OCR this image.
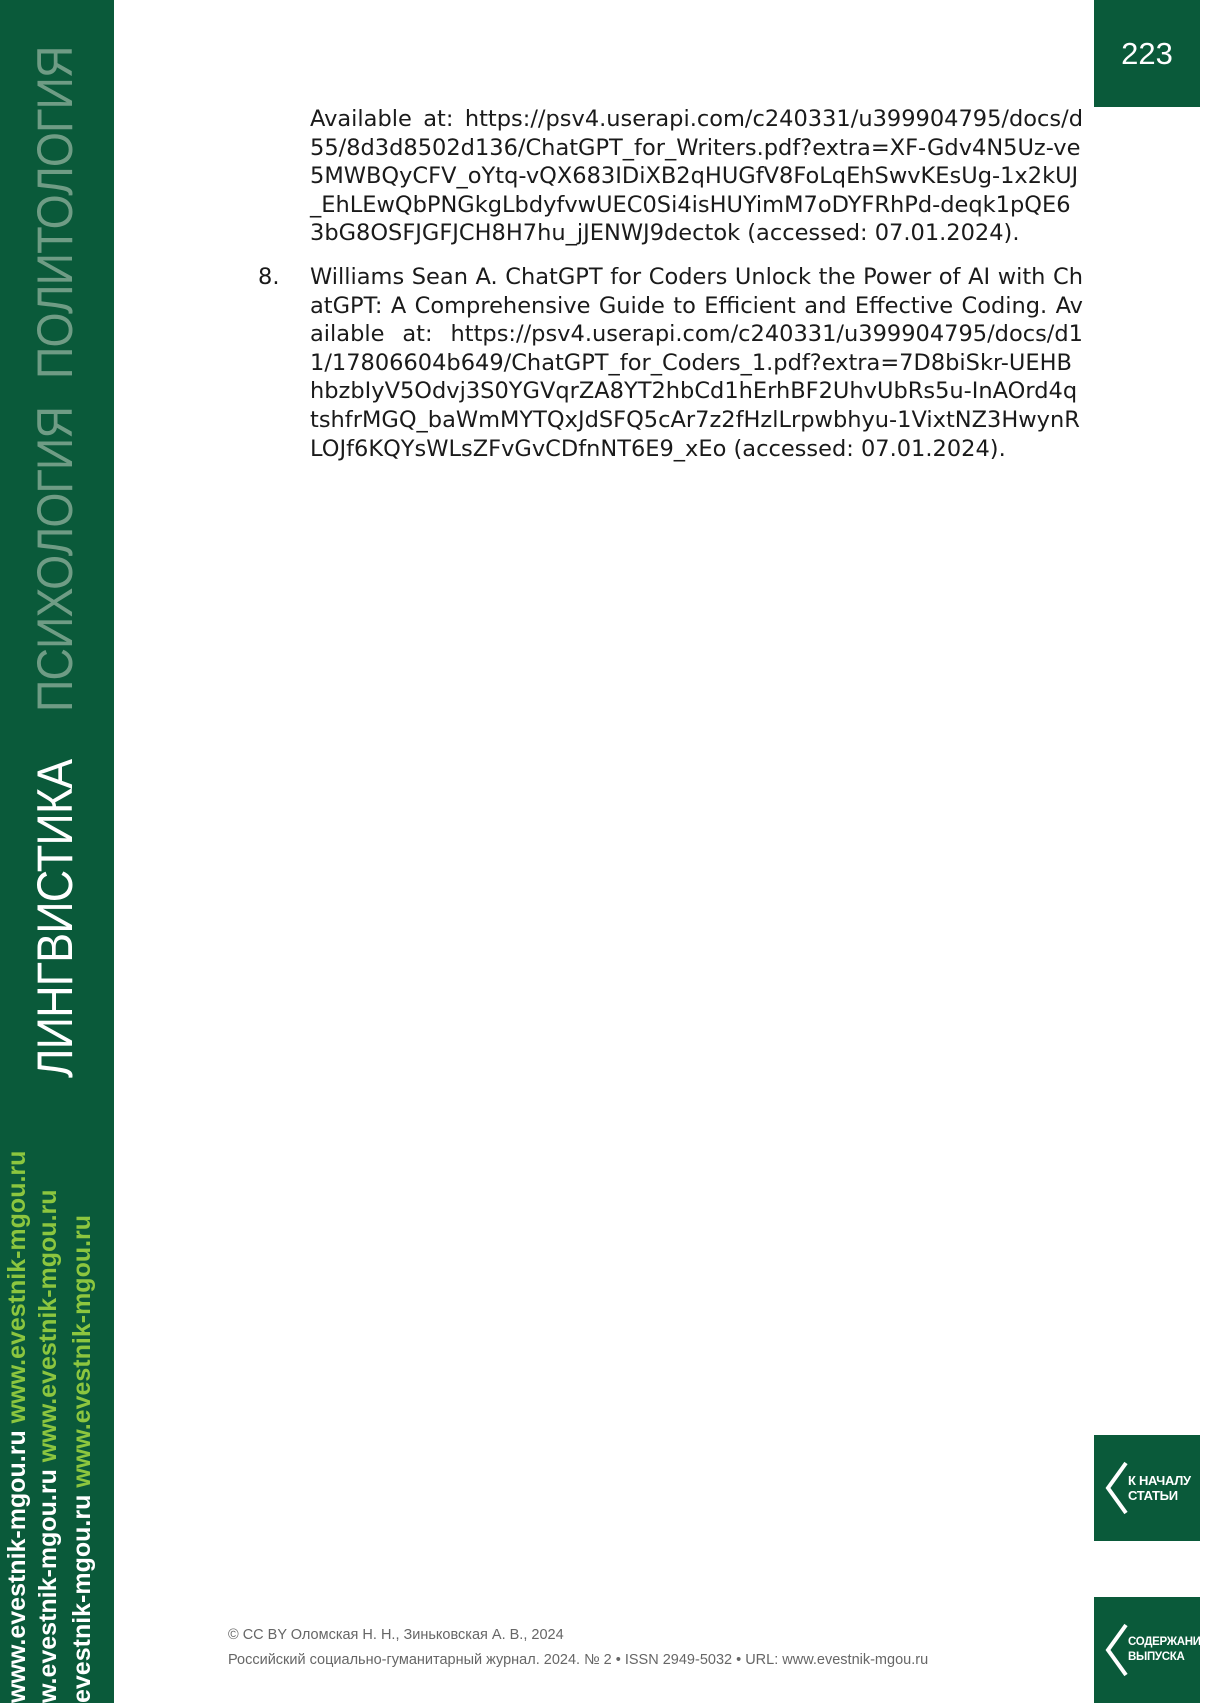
ПОЛИТОЛОГИЯ
ПСИХОЛОГИЯ
ЛИНГВИСТИКА
www.evestnik-mgou.ru www.evestnik-mgou.ru
w.evestnik-mgou.ru www.evestnik-mgou.ru
evestnik-mgou.ru www.evestnik-mgou.ru
223
Available at: https://psv4.userapi.com/c240331/u399904795/docs/d55/8d3d8502d136/ChatGPT_for_Writers.pdf?extra=XF-Gdv4N5Uz-ve5MWBQyCFV_oYtq-vQX683IDiXB2qHUGfV8FoLqEhSwvKEsUg-1x2kUJ_EhLEwQbPNGkgLbdyfvwUEC0Si4isHUYimM7oDYFRhPd-deqk1pQE63bG8OSFJGFJCH8H7hu_jJENWJ9dectok (accessed: 07.01.2024).
8.	Williams Sean A. ChatGPT for Coders Unlock the Power of AI with ChatGPT: A Comprehensive Guide to Efficient and Effective Coding. Available at: https://psv4.userapi.com/c240331/u399904795/docs/d11/17806604b649/ChatGPT_for_Coders_1.pdf?extra=7D8biSkr-UEHBhbzbIyV5Odvj3S0YGVqrZA8YT2hbCd1hErhBF2UhvUbRs5u-InAOrd4qtshfrMGQ_baWmMYTQxJdSFQ5cAr7z2fHzlLrpwbhyu-1VixtNZ3HwynRLOJf6KQYsWLsZFvGvCDfnNT6E9_xEo (accessed: 07.01.2024).
К НАЧАЛУ
СТАТЬИ
СОДЕРЖАНИЕ
ВЫПУСКА
© CC BY Оломская Н. Н., Зиньковская А. В., 2024
Российский социально-гуманитарный журнал. 2024. № 2 • ISSN 2949-5032 • URL: www.evestnik-mgou.ru
